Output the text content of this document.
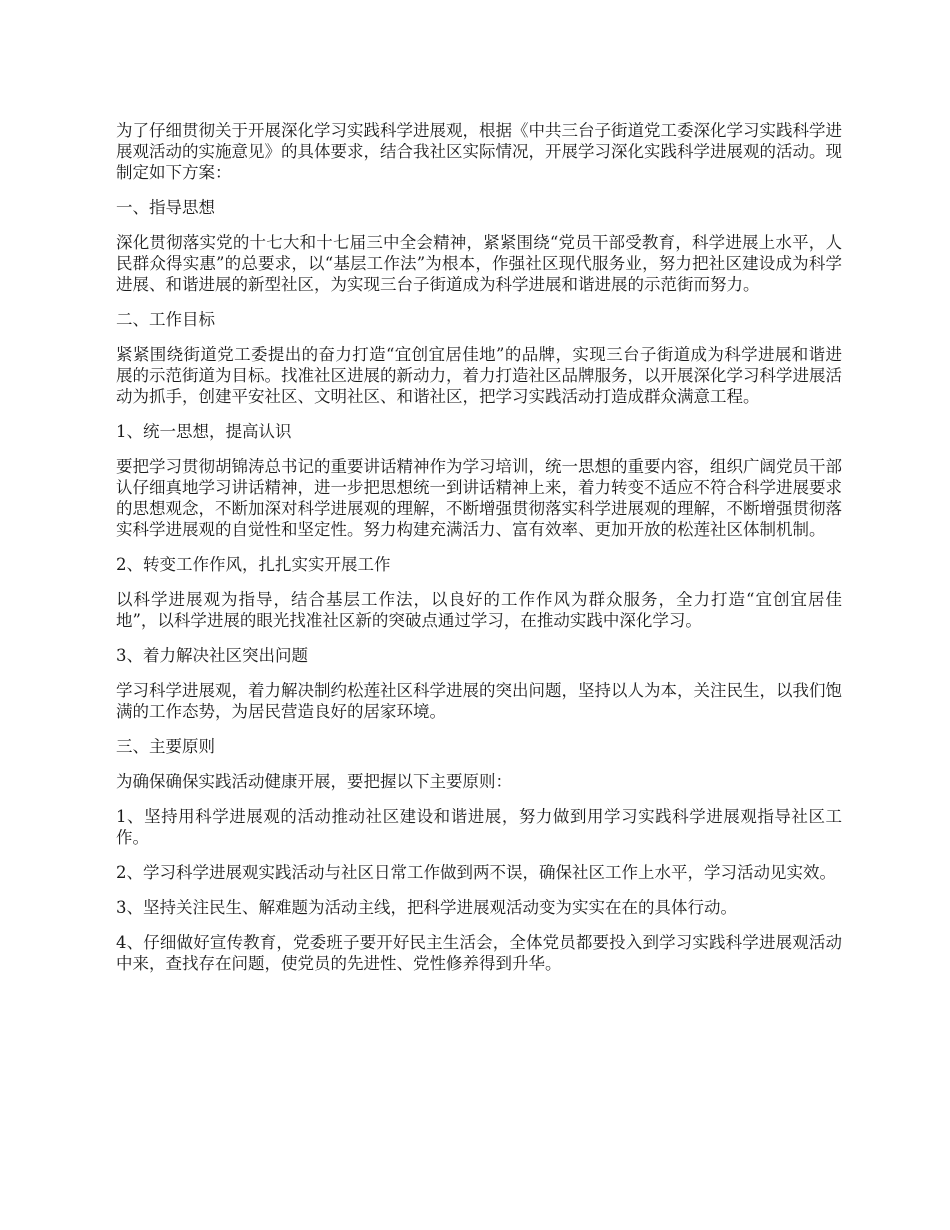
为了仔细贯彻关于开展深化学习实践科学进展观，根据《中共三台子街道党工委深化学习实践科学进展观活动的实施意见》的具体要求，结合我社区实际情况，开展学习深化实践科学进展观的活动。现制定如下方案：

一、指导思想

深化贯彻落实党的十七大和十七届三中全会精神，紧紧围绕“党员干部受教育，科学进展上水平，人民群众得实惠”的总要求，以“基层工作法”为根本，作强社区现代服务业，努力把社区建设成为科学进展、和谐进展的新型社区，为实现三台子街道成为科学进展和谐进展的示范街而努力。

二、工作目标

紧紧围绕街道党工委提出的奋力打造“宜创宜居佳地”的品牌，实现三台子街道成为科学进展和谐进展的示范街道为目标。找准社区进展的新动力，着力打造社区品牌服务，以开展深化学习科学进展活动为抓手，创建平安社区、文明社区、和谐社区，把学习实践活动打造成群众满意工程。

1、统一思想，提高认识

要把学习贯彻胡锦涛总书记的重要讲话精神作为学习培训，统一思想的重要内容，组织广阔党员干部认仔细真地学习讲话精神，进一步把思想统一到讲话精神上来，着力转变不适应不符合科学进展要求的思想观念，不断加深对科学进展观的理解，不断增强贯彻落实科学进展观的理解，不断增强贯彻落实科学进展观的自觉性和坚定性。努力构建充满活力、富有效率、更加开放的松莲社区体制机制。

2、转变工作作风，扎扎实实开展工作

以科学进展观为指导，结合基层工作法，以良好的工作作风为群众服务，全力打造“宜创宜居佳地”，以科学进展的眼光找准社区新的突破点通过学习，在推动实践中深化学习。

3、着力解决社区突出问题

学习科学进展观，着力解决制约松莲社区科学进展的突出问题，坚持以人为本，关注民生，以我们饱满的工作态势，为居民营造良好的居家环境。

三、主要原则

为确保确保实践活动健康开展，要把握以下主要原则：

1、坚持用科学进展观的活动推动社区建设和谐进展，努力做到用学习实践科学进展观指导社区工作。

2、学习科学进展观实践活动与社区日常工作做到两不误，确保社区工作上水平，学习活动见实效。

3、坚持关注民生、解难题为活动主线，把科学进展观活动变为实实在在的具体行动。

4、仔细做好宣传教育，党委班子要开好民主生活会，全体党员都要投入到学习实践科学进展观活动中来，查找存在问题，使党员的先进性、党性修养得到升华。
